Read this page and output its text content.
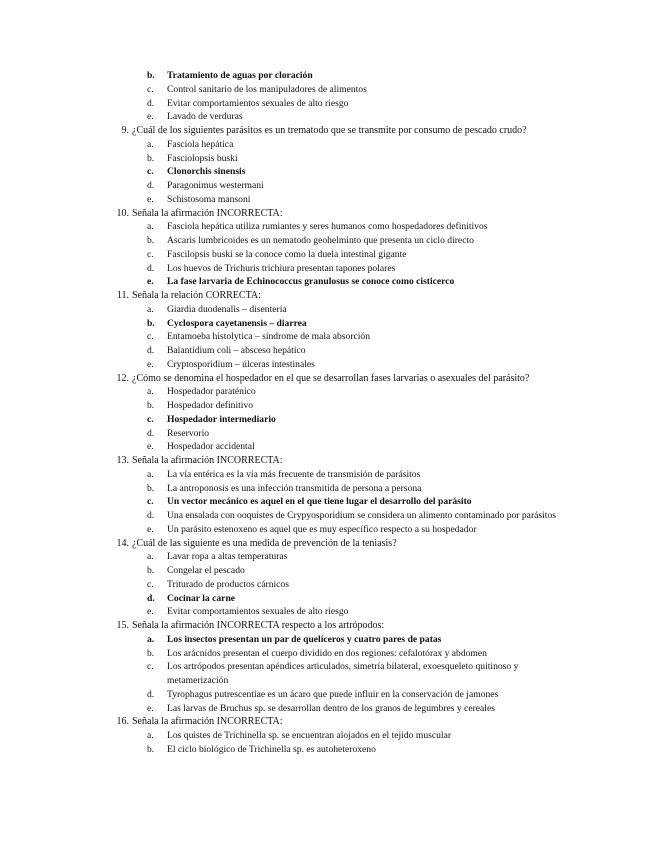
b.	Tratamiento de aguas por cloración
c.	Control sanitario de los manipuladores de alimentos
d.	Evitar comportamientos sexuales de alto riesgo
e.	Lavado de verduras
9. ¿Cuál de los siguientes parásitos es un trematodo que se transmite por consumo de pescado crudo?
a.	Fasciola hepática
b.	Fasciolopsis buski
c.	Clonorchis sinensis
d.	Paragonimus westermani
e.	Schistosoma mansoni
10. Señala la afirmación INCORRECTA:
a.	Fasciola hepática utiliza rumiantes y seres humanos como hospedadores definitivos
b.	Ascaris lumbricoides es un nematodo geohelminto que presenta un ciclo directo
c.	Fascilopsis buski se la conoce como la duela intestinal gigante
d.	Los huevos de Trichuris trichiura presentan tapones polares
e.	La fase larvaria de Echinococcus granulosus se conoce como cisticerco
11. Señala la relación CORRECTA:
a.	Giardia duodenalis – disentería
b.	Cyclospora cayetanensis – diarrea
c.	Entamoeba histolytica – síndrome de mala absorción
d.	Balantidium coli – absceso hepático
e.	Cryptosporidium – úlceras intestinales
12. ¿Cómo se denomina el hospedador en el que se desarrollan fases larvarias o asexuales del parásito?
a.	Hospedador paraténico
b.	Hospedador definitivo
c.	Hospedador intermediario
d.	Reservorio
e.	Hospedador accidental
13. Señala la afirmación INCORRECTA:
a.	La vía entérica es la vía más frecuente de transmisión de parásitos
b.	La antroponosis es una infección transmitida de persona a persona
c.	Un vector mecánico es aquel en el que tiene lugar el desarrollo del parásito
d.	Una ensalada con ooquistes de Crypyosporidium se considera un alimento contaminado por parásitos
e.	Un parásito estenoxeno es aquel que es muy específico respecto a su hospedador
14. ¿Cuál de las siguiente es una medida de prevención de la teniasis?
a.	Lavar ropa a altas temperaturas
b.	Congelar el pescado
c.	Triturado de productos cárnicos
d.	Cocinar la carne
e.	Evitar comportamientos sexuales de alto riesgo
15. Señala la afirmación INCORRECTA respecto a los artrópodos:
a.	Los insectos presentan un par de quelíceros y cuatro pares de patas
b.	Los arácnidos presentan el cuerpo dividido en dos regiones: cefalotórax y abdomen
c.	Los artrópodos presentan apéndices articulados, simetría bilateral, exoesqueleto quitinoso y metamerización
d.	Tyrophagus putrescentiae es un ácaro que puede influir en la conservación de jamones
e.	Las larvas de Bruchus sp. se desarrollan dentro de los granos de legumbres y cereales
16. Señala la afirmación INCORRECTA:
a.	Los quistes de Trichinella sp. se encuentran alojados en el tejido muscular
b.	El ciclo biológico de Trichinella sp. es autoheteroxeno
